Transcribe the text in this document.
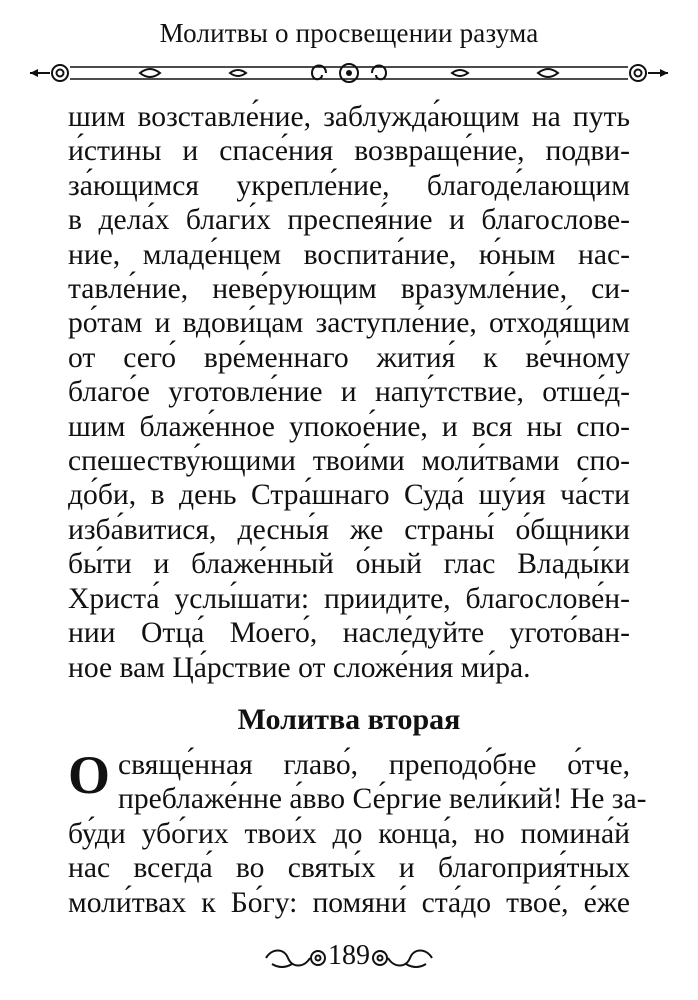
Молитвы о просвещении разума
шим возставле́ние, заблужда́ющим на путь
и́стины и спасе́ния возвраще́ние, подви-
за́ющимся укрепле́ние, благоде́лающим
в дела́х благи́х преспея́ние и благослове-
ние, младе́нцем воспита́ние, ю́ным нас-
тавле́ние, неве́рующим вразумле́ние, си-
ро́там и вдови́цам заступле́ние, отходя́щим
от сего́ вре́меннаго жития́ к ве́чному
благо́е уготовле́ние и напу́тствие, отше́д-
шим блаже́нное упокое́ние, и вся ны спо-
спешеству́ющими твои́ми моли́твами спо-
до́би, в день Стра́шнаго Суда́ шу́ия ча́сти
изба́витися, десны́я же страны́ о́бщники
бы́ти и блаже́нный о́ный глас Влады́ки
Христа́ услы́шати: приидите, благослове́н-
нии Отца́ Моего́, насле́дуйте угото́ван-
ное вам Ца́рствие от сложе́ния ми́ра.
Молитва вторая
О свяще́нная главо́, преподо́бне о́тче,
преблаже́нне а́вво Се́ргие вели́кий! Не за-
бу́ди убо́гих твои́х до конца́, но помина́й
нас всегда́ во святы́х и благоприя́тных
моли́твах к Бо́гу: помяни́ ста́до твое́, е́же
189
